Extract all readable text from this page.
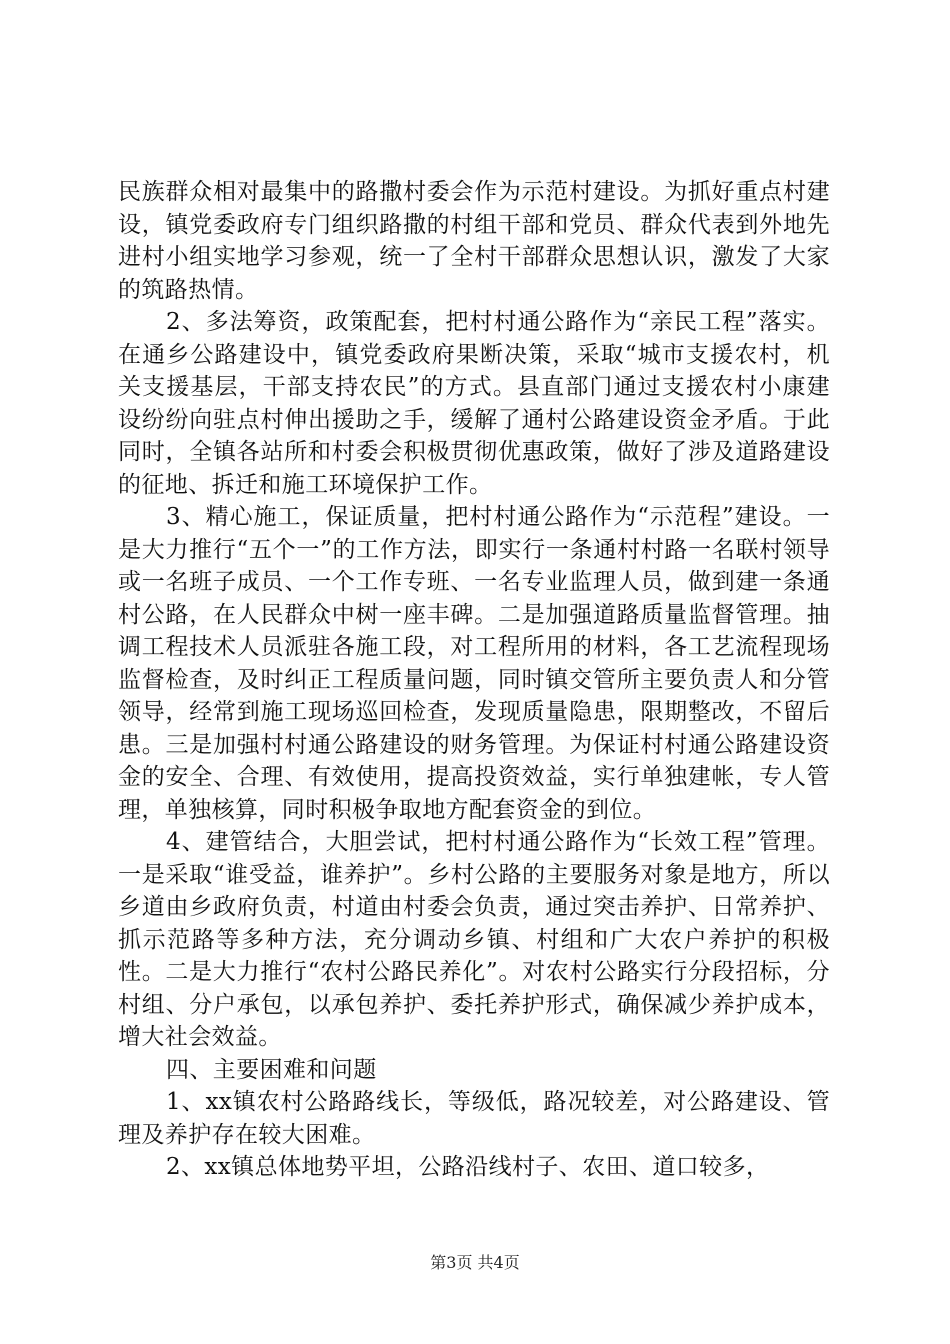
民族群众相对最集中的路撒村委会作为示范村建设。为抓好重点村建设，镇党委政府专门组织路撒的村组干部和党员、群众代表到外地先进村小组实地学习参观，统一了全村干部群众思想认识，激发了大家的筑路热情。

2、多法筹资，政策配套，把村村通公路作为“亲民工程”落实。在通乡公路建设中，镇党委政府果断决策，采取“城市支援农村，机关支援基层，干部支持农民”的方式。县直部门通过支援农村小康建设纷纷向驻点村伸出援助之手，缓解了通村公路建设资金矛盾。于此同时，全镇各站所和村委会积极贯彻优惠政策，做好了涉及道路建设的征地、拆迁和施工环境保护工作。

3、精心施工，保证质量，把村村通公路作为“示范程”建设。一是大力推行“五个一”的工作方法，即实行一条通村村路一名联村领导或一名班子成员、一个工作专班、一名专业监理人员，做到建一条通村公路，在人民群众中树一座丰碑。二是加强道路质量监督管理。抽调工程技术人员派驻各施工段，对工程所用的材料，各工艺流程现场监督检查，及时纠正工程质量问题，同时镇交管所主要负责人和分管领导，经常到施工现场巡回检查，发现质量隐患，限期整改，不留后患。三是加强村村通公路建设的财务管理。为保证村村通公路建设资金的安全、合理、有效使用，提高投资效益，实行单独建帐，专人管理，单独核算，同时积极争取地方配套资金的到位。

4、建管结合，大胆尝试，把村村通公路作为“长效工程”管理。一是采取“谁受益，谁养护”。乡村公路的主要服务对象是地方，所以乡道由乡政府负责，村道由村委会负责，通过突击养护、日常养护、抓示范路等多种方法，充分调动乡镇、村组和广大农户养护的积极性。二是大力推行“农村公路民养化”。对农村公路实行分段招标，分村组、分户承包，以承包养护、委托养护形式，确保减少养护成本，增大社会效益。

四、主要困难和问题

1、xx镇农村公路路线长，等级低，路况较差，对公路建设、管理及养护存在较大困难。

2、xx镇总体地势平坦，公路沿线村子、农田、道口较多，

第3页 共4页
